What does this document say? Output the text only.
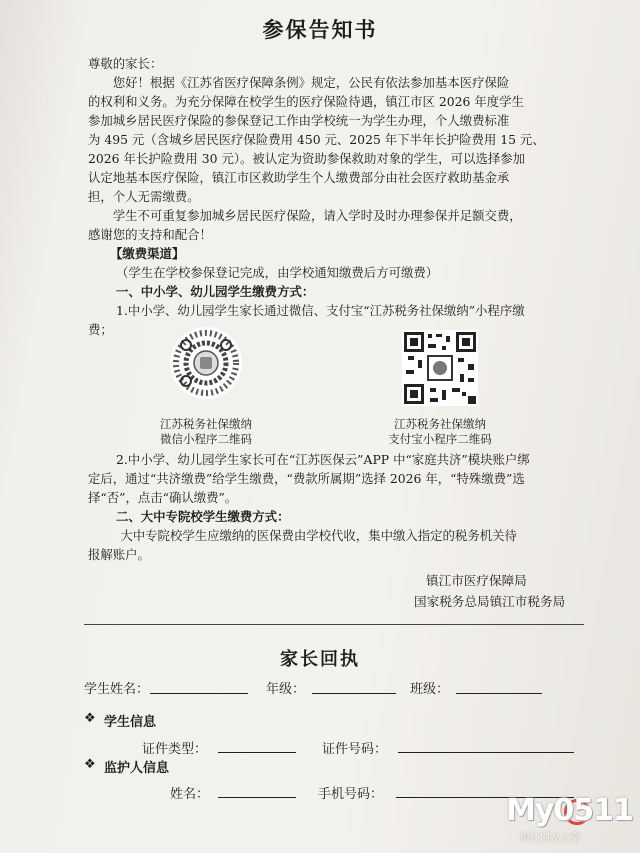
参保告知书
尊敬的家长：
　　您好！根据《江苏省医疗保障条例》规定，公民有依法参加基本医疗保险
的权利和义务。为充分保障在校学生的医疗保险待遇，镇江市区 2026 年度学生
参加城乡居民医疗保险的参保登记工作由学校统一为学生办理，个人缴费标准
为 495 元（含城乡居民医疗保险费用 450 元、2025 年下半年长护险费用 15 元、
2026 年长护险费用 30 元）。被认定为资助参保救助对象的学生，可以选择参加
认定地基本医疗保险，镇江市区救助学生个人缴费部分由社会医疗救助基金承
担，个人无需缴费。
　　学生不可重复参加城乡居民医疗保险，请入学时及时办理参保并足额交费，
感谢您的支持和配合！
【缴费渠道】
（学生在学校参保登记完成，由学校通知缴费后方可缴费）
一、中小学、幼儿园学生缴费方式：
1.中小学、幼儿园学生家长通过微信、支付宝“江苏税务社保缴纳”小程序缴
费；
江苏税务社保缴纳
微信小程序二维码
江苏税务社保缴纳
支付宝小程序二维码
2.中小学、幼儿园学生家长可在“江苏医保云”APP 中“家庭共济”模块账户绑
定后，通过“共济缴费”给学生缴费，“费款所属期”选择 2026 年，“特殊缴费”选
择“否”，点击“确认缴费”。
二、大中专院校学生缴费方式：
　大中专院校学生应缴纳的医保费由学校代收，集中缴入指定的税务机关待
报解账户。
镇江市医疗保障局
国家税务总局镇江市税务局
家长回执
学生姓名：	年级：	班级：
❖ 学生信息
证件类型：	证件号码：
❖ 监护人信息
姓名：	手机号码：	My0511
镇江网友之家
